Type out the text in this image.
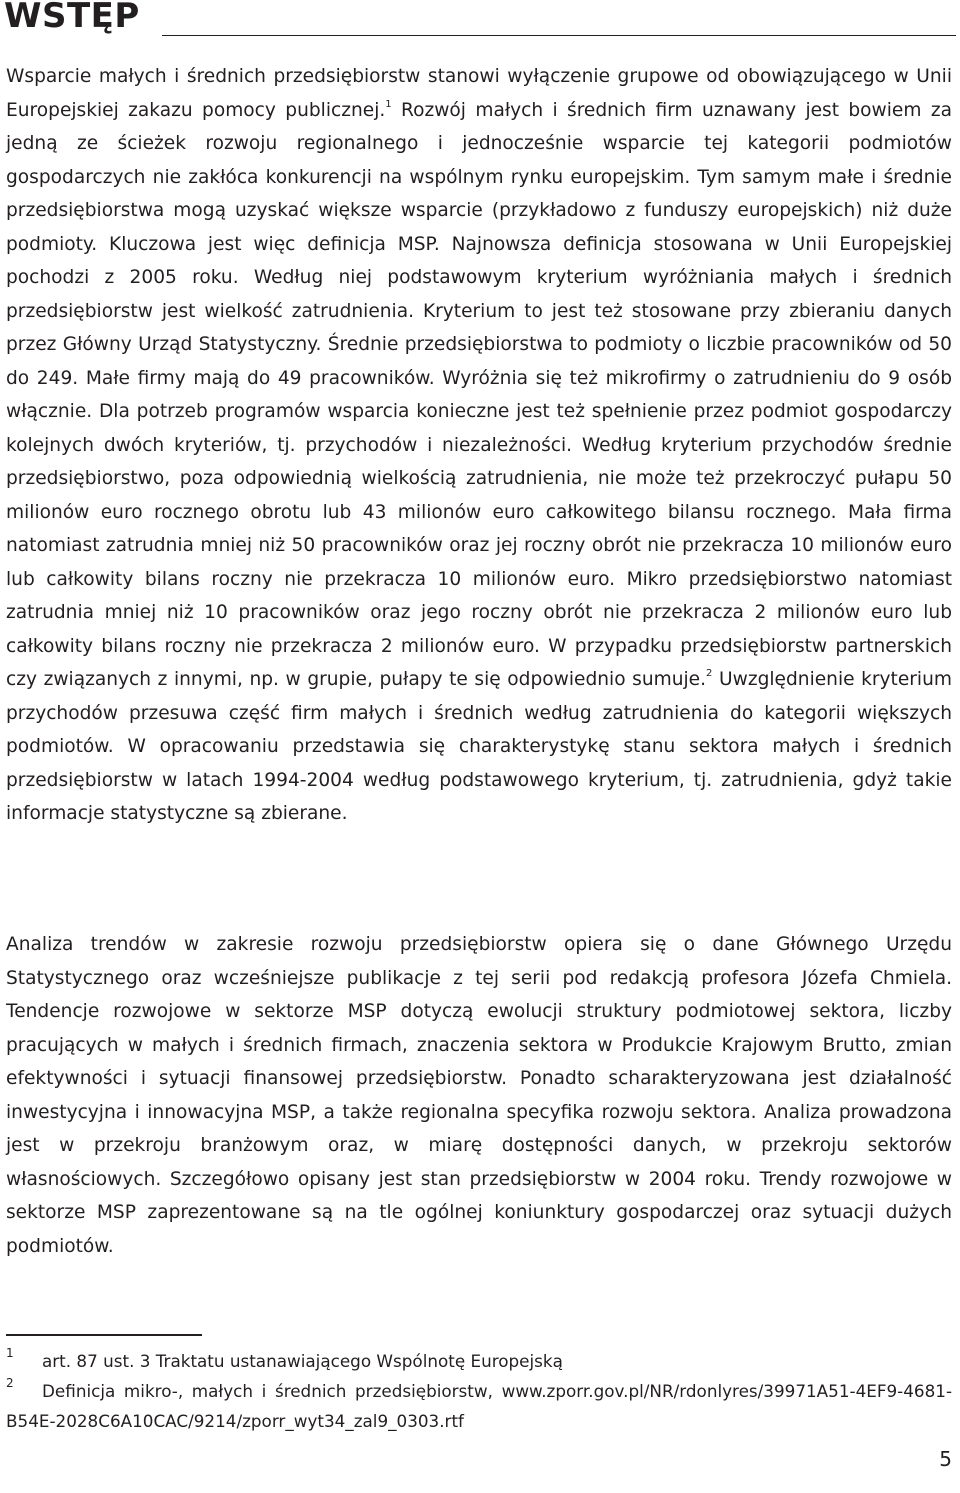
WSTĘP

Wsparcie małych i średnich przedsiębiorstw stanowi wyłączenie grupowe od obowiązującego w Unii Europejskiej zakazu pomocy publicznej.$^1$ Rozwój małych i średnich firm uznawany jest bowiem za jedną ze ścieżek rozwoju regionalnego i jednocześnie wsparcie tej kategorii podmiotów gospodarczych nie zakłóca konkurencji na wspólnym rynku europejskim. Tym samym małe i średnie przedsiębiorstwa mogą uzyskać większe wsparcie (przykładowo z funduszy europejskich) niż duże podmioty. Kluczowa jest więc definicja MSP. Najnowsza definicja stosowana w Unii Europejskiej pochodzi z 2005 roku. Według niej podstawowym kryterium wyróżniania małych i średnich przedsiębiorstw jest wielkość zatrudnienia. Kryterium to jest też stosowane przy zbieraniu danych przez Główny Urząd Statystyczny. Średnie przedsiębiorstwa to podmioty o liczbie pracowników od 50 do 249. Małe firmy mają do 49 pracowników. Wyróżnia się też mikrofirmy o zatrudnieniu do 9 osób włącznie. Dla potrzeb programów wsparcia konieczne jest też spełnienie przez podmiot gospodarczy kolejnych dwóch kryteriów, tj. przychodów i niezależności. Według kryterium przychodów średnie przedsiębiorstwo, poza odpowiednią wielkością zatrudnienia, nie może też przekroczyć pułapu 50 milionów euro rocznego obrotu lub 43 milionów euro całkowitego bilansu rocznego. Mała firma natomiast zatrudnia mniej niż 50 pracowników oraz jej roczny obrót nie przekracza 10 milionów euro lub całkowity bilans roczny nie przekracza 10 milionów euro. Mikro przedsiębiorstwo natomiast zatrudnia mniej niż 10 pracowników oraz jego roczny obrót nie przekracza 2 milionów euro lub całkowity bilans roczny nie przekracza 2 milionów euro. W przypadku przedsiębiorstw partnerskich czy związanych z innymi, np. w grupie, pułapy te się odpowiednio sumuje.$^2$ Uwzględnienie kryterium przychodów przesuwa część firm małych i średnich według zatrudnienia do kategorii większych podmiotów. W opracowaniu przedstawia się charakterystykę stanu sektora małych i średnich przedsiębiorstw w latach 1994-2004 według podstawowego kryterium, tj. zatrudnienia, gdyż takie informacje statystyczne są zbierane.

Analiza trendów w zakresie rozwoju przedsiębiorstw opiera się o dane Głównego Urzędu Statystycznego oraz wcześniejsze publikacje z tej serii pod redakcją profesora Józefa Chmiela. Tendencje rozwojowe w sektorze MSP dotyczą ewolucji struktury podmiotowej sektora, liczby pracujących w małych i średnich firmach, znaczenia sektora w Produkcie Krajowym Brutto, zmian efektywności i sytuacji finansowej przedsiębiorstw. Ponadto scharakteryzowana jest działalność inwestycyjna i innowacyjna MSP, a także regionalna specyfika rozwoju sektora. Analiza prowadzona jest w przekroju branżowym oraz, w miarę dostępności danych, w przekroju sektorów własnościowych. Szczegółowo opisany jest stan przedsiębiorstw w 2004 roku. Trendy rozwojowe w sektorze MSP zaprezentowane są na tle ogólnej koniunktury gospodarczej oraz sytuacji dużych podmiotów.

1	art. 87 ust. 3 Traktatu ustanawiającego Wspólnotę Europejską

2	Definicja mikro-, małych i średnich przedsiębiorstw, www.zporr.gov.pl/NR/rdonlyres/39971A51-4EF9-4681-B54E-2028C6A10CAC/9214/zporr_wyt34_zal9_0303.rtf

5
